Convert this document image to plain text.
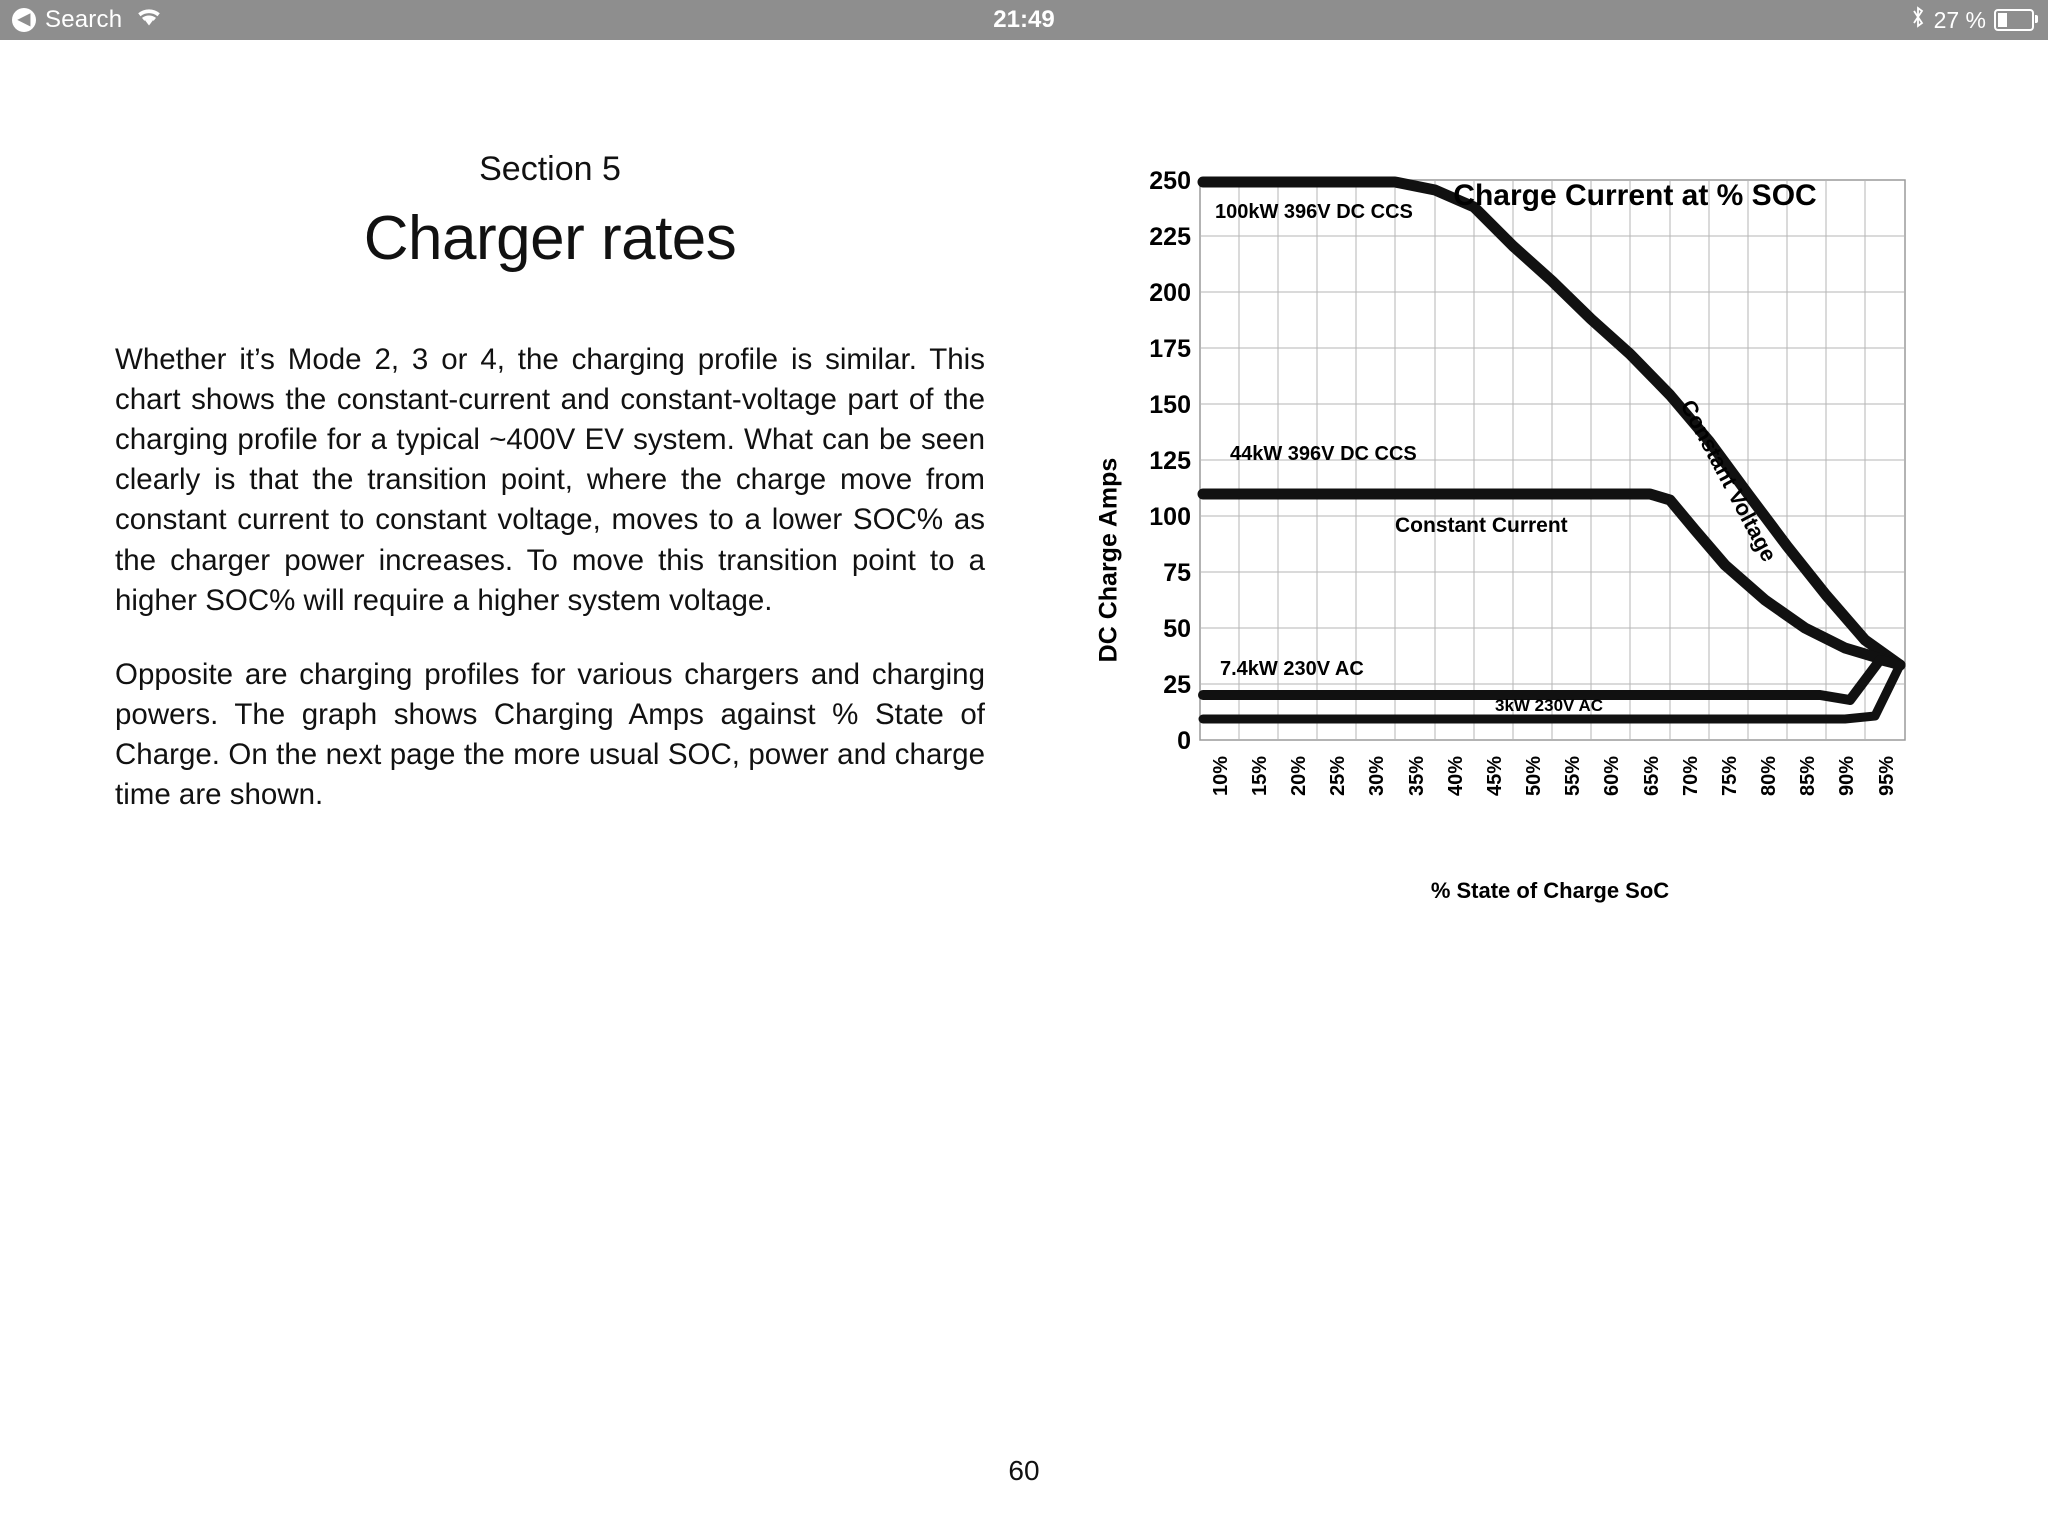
◀ Search	21:49	27 %
Section 5
Charger rates

Whether it’s Mode 2, 3 or 4, the charging profile is similar. This chart shows the constant-current and constant-voltage part of the charging profile for a typical ~400V EV system. What can be seen clearly is that the transition point, where the charge move from constant current to constant voltage, moves to a lower SOC% as the charger power increases. To move this transition point to a higher SOC% will require a higher system voltage.

Opposite are charging profiles for various chargers and charging powers. The graph shows Charging Amps against % State of Charge. On the next page the more usual SOC, power and charge time are shown.

DC Charge Amps
% State of Charge SoC
250
225
200
175
150
125
100
75
50
25
0
10% 15% 20% 25% 30% 35% 40% 45% 50% 55% 60% 65% 70% 75% 80% 85% 90% 95%
Charge Current at % SOC
100kW 396V DC CCS
44kW 396V DC CCS
Constant Current	Constant Voltage
7.4kW 230V AC
3kW 230V AC
60
